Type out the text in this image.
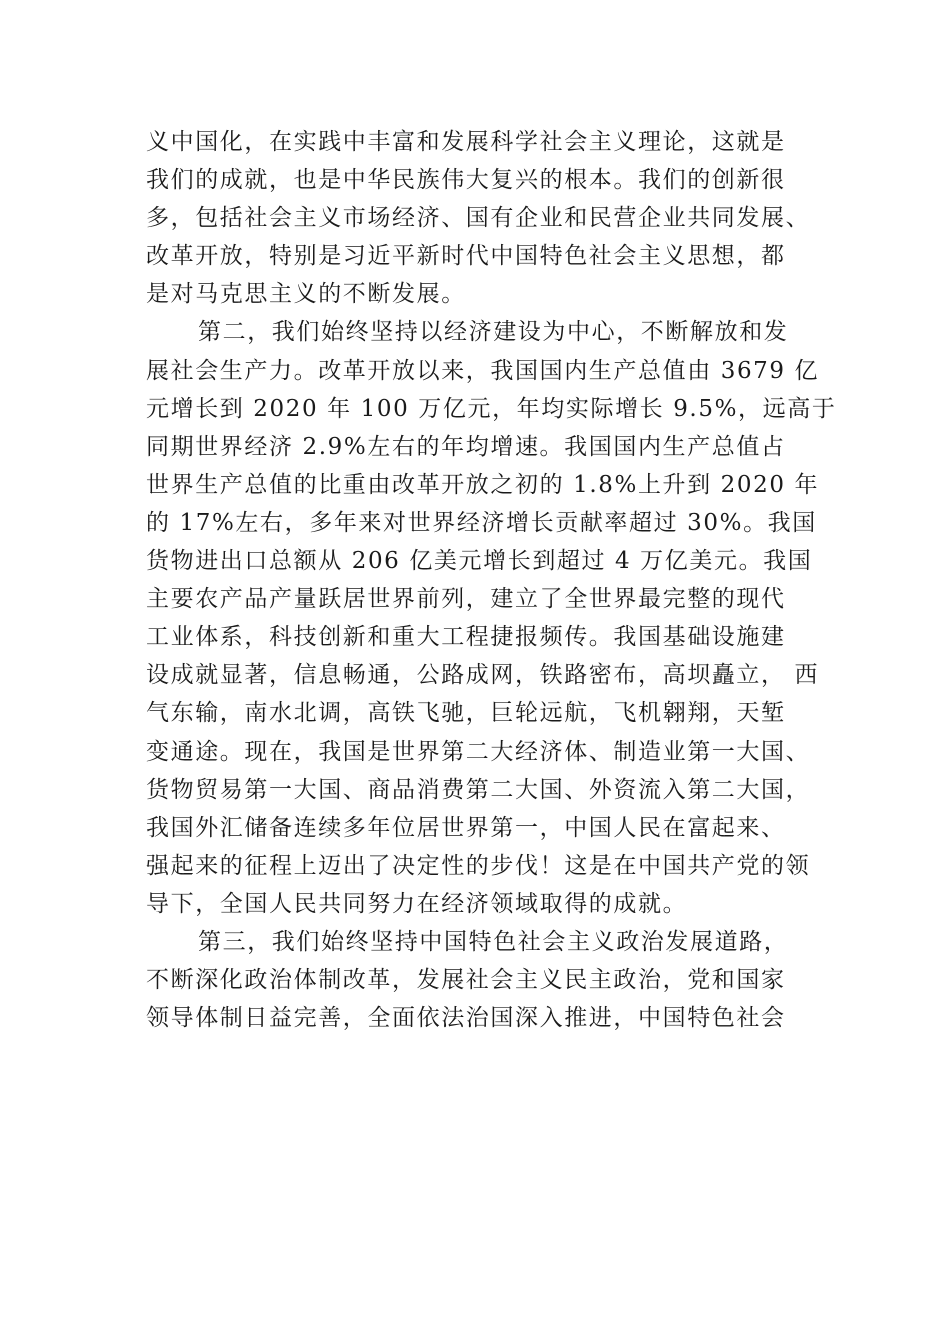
义中国化，在实践中丰富和发展科学社会主义理论，这就是
我们的成就，也是中华民族伟大复兴的根本。我们的创新很
多，包括社会主义市场经济、国有企业和民营企业共同发展、
改革开放，特别是习近平新时代中国特色社会主义思想，都
是对马克思主义的不断发展。
第二，我们始终坚持以经济建设为中心，不断解放和发
展社会生产力。改革开放以来，我国国内生产总值由 3679 亿
元增长到 2020 年 100 万亿元，年均实际增长 9.5%，远高于
同期世界经济 2.9%左右的年均增速。我国国内生产总值占
世界生产总值的比重由改革开放之初的 1.8%上升到 2020 年
的 17%左右，多年来对世界经济增长贡献率超过 30%。我国
货物进出口总额从 206 亿美元增长到超过 4 万亿美元。我国
主要农产品产量跃居世界前列，建立了全世界最完整的现代
工业体系，科技创新和重大工程捷报频传。我国基础设施建
设成就显著，信息畅通，公路成网，铁路密布，高坝矗立， 西
气东输，南水北调，高铁飞驰，巨轮远航，飞机翱翔，天堑
变通途。现在，我国是世界第二大经济体、制造业第一大国、
货物贸易第一大国、商品消费第二大国、外资流入第二大国，
我国外汇储备连续多年位居世界第一，中国人民在富起来、
强起来的征程上迈出了决定性的步伐！这是在中国共产党的领
导下，全国人民共同努力在经济领域取得的成就。
第三，我们始终坚持中国特色社会主义政治发展道路，
不断深化政治体制改革，发展社会主义民主政治，党和国家
领导体制日益完善，全面依法治国深入推进，中国特色社会
